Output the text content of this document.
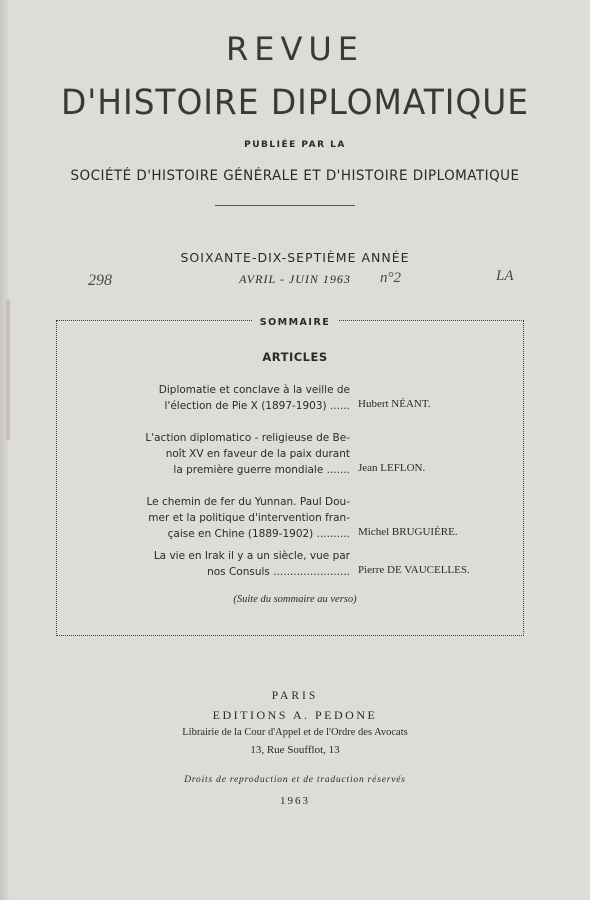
REVUE
D'HISTOIRE DIPLOMATIQUE
PUBLIÉE PAR LA
SOCIÉTÉ D'HISTOIRE GÉNÉRALE ET D'HISTOIRE DIPLOMATIQUE
SOIXANTE-DIX-SEPTIÈME ANNÉE
AVRIL - JUIN 1963
298	n°2	LA
SOMMAIRE
ARTICLES
Diplomatie et conclave à la veille de
l'élection de Pie X (1897-1903) ...... Hubert NÉANT.
L'action diplomatico - religieuse de Be-
noît XV en faveur de la paix durant
la première guerre mondiale ....... Jean LEFLON.
Le chemin de fer du Yunnan. Paul Dou-
mer et la politique d'intervention fran-
çaise en Chine (1889-1902) .......... Michel BRUGUIÈRE.
La vie en Irak il y a un siècle, vue par
nos Consuls ....................... Pierre DE VAUCELLES.
(Suite du sommaire au verso)
PARIS
EDITIONS A. PEDONE
Librairie de la Cour d'Appel et de l'Ordre des Avocats
13, Rue Soufflot, 13
Droits de reproduction et de traduction réservés
1963
